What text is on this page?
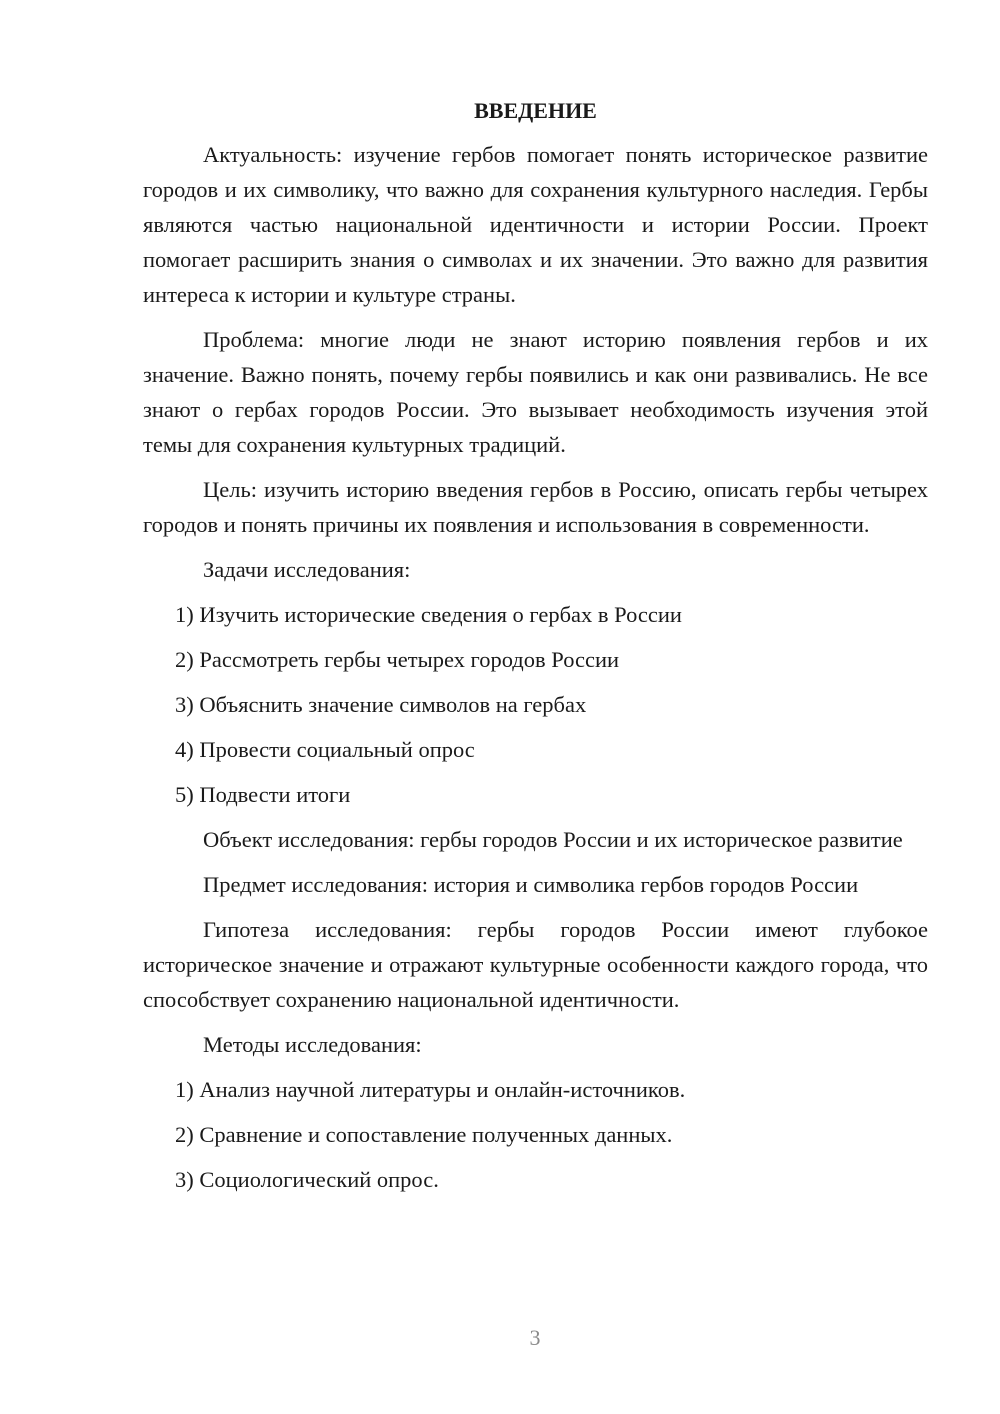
ВВЕДЕНИЕ

Актуальность: изучение гербов помогает понять историческое развитие городов и их символику, что важно для сохранения культурного наследия. Гербы являются частью национальной идентичности и истории России. Проект помогает расширить знания о символах и их значении. Это важно для развития интереса к истории и культуре страны.

Проблема: многие люди не знают историю появления гербов и их значение. Важно понять, почему гербы появились и как они развивались. Не все знают о гербах городов России. Это вызывает необходимость изучения этой темы для сохранения культурных традиций.

Цель: изучить историю введения гербов в Россию, описать гербы четырех городов и понять причины их появления и использования в современности.

Задачи исследования:
1) Изучить исторические сведения о гербах в России
2) Рассмотреть гербы четырех городов России
3) Объяснить значение символов на гербах
4) Провести социальный опрос
5) Подвести итоги

Объект исследования: гербы городов России и их историческое развитие

Предмет исследования: история и символика гербов городов России

Гипотеза исследования: гербы городов России имеют глубокое историческое значение и отражают культурные особенности каждого города, что способствует сохранению национальной идентичности.

Методы исследования:
1) Анализ научной литературы и онлайн-источников.
2) Сравнение и сопоставление полученных данных.
3) Социологический опрос.
3
